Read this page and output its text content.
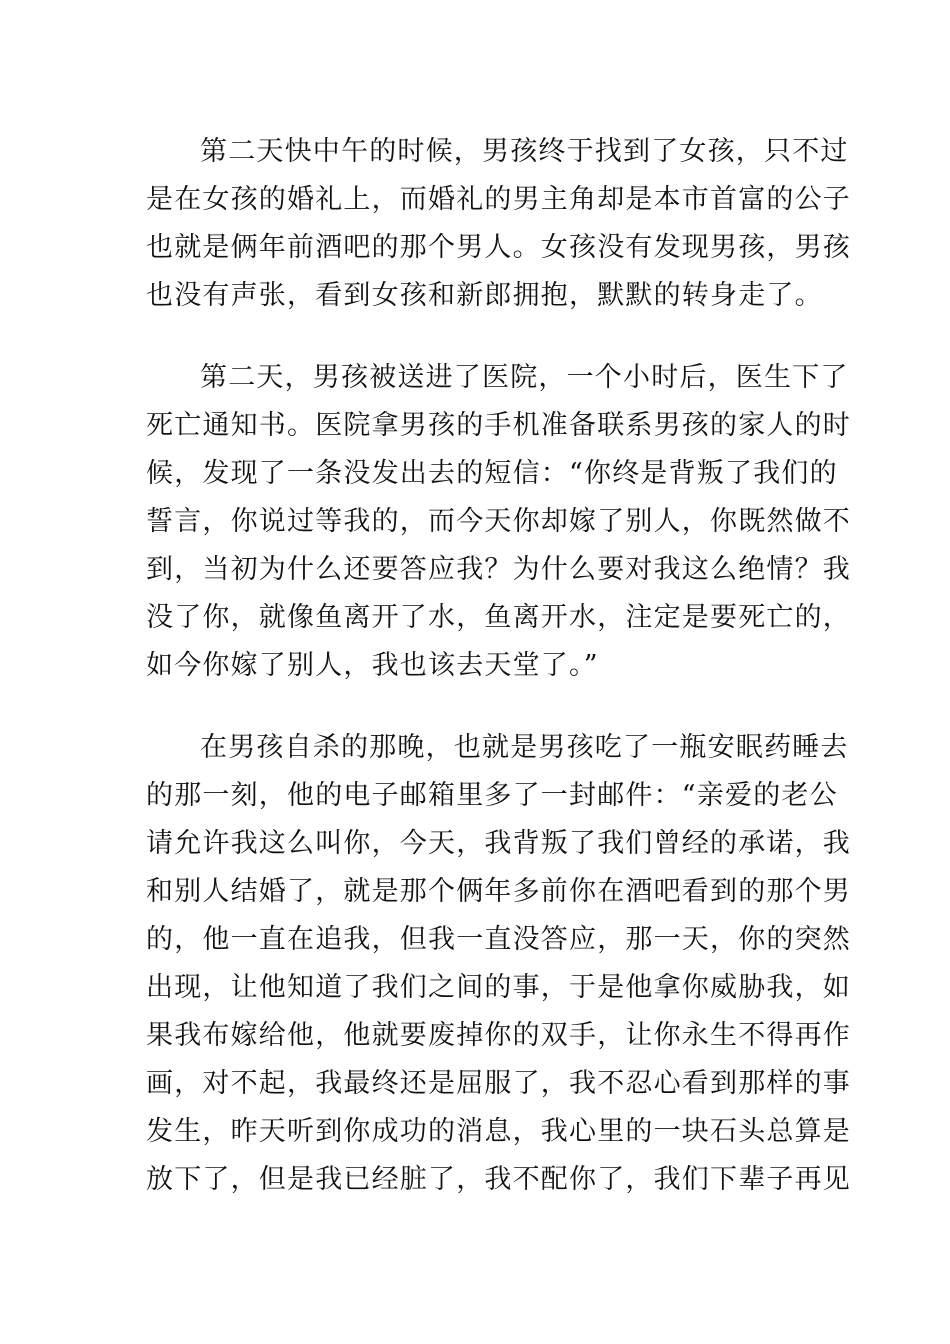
第二天快中午的时候，男孩终于找到了女孩，只不过
是在女孩的婚礼上，而婚礼的男主角却是本市首富的公子
也就是俩年前酒吧的那个男人。女孩没有发现男孩，男孩
也没有声张，看到女孩和新郎拥抱，默默的转身走了。
第二天，男孩被送进了医院，一个小时后，医生下了
死亡通知书。医院拿男孩的手机准备联系男孩的家人的时
候，发现了一条没发出去的短信：“你终是背叛了我们的
誓言，你说过等我的，而今天你却嫁了别人，你既然做不
到，当初为什么还要答应我？为什么要对我这么绝情？我
没了你，就像鱼离开了水，鱼离开水，注定是要死亡的，
如今你嫁了别人，我也该去天堂了。”
在男孩自杀的那晚，也就是男孩吃了一瓶安眠药睡去
的那一刻，他的电子邮箱里多了一封邮件：“亲爱的老公
请允许我这么叫你，今天，我背叛了我们曾经的承诺，我
和别人结婚了，就是那个俩年多前你在酒吧看到的那个男
的，他一直在追我，但我一直没答应，那一天，你的突然
出现，让他知道了我们之间的事，于是他拿你威胁我，如
果我布嫁给他，他就要废掉你的双手，让你永生不得再作
画，对不起，我最终还是屈服了，我不忍心看到那样的事
发生，昨天听到你成功的消息，我心里的一块石头总算是
放下了，但是我已经脏了，我不配你了，我们下辈子再见
